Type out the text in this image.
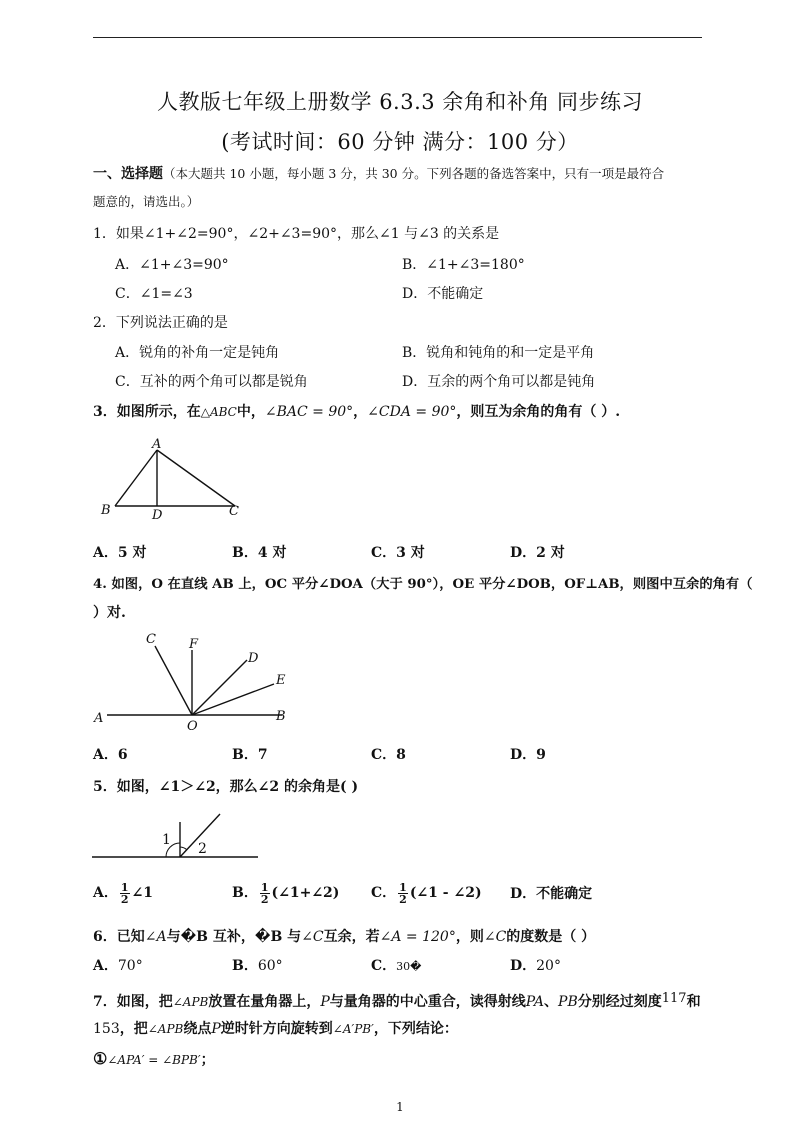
人教版七年级上册数学 6.3.3 余角和补角 同步练习
(考试时间：60 分钟 满分：100 分）
一、选择题（本大题共 10 小题，每小题 3 分，共 30 分。下列各题的备选答案中，只有一项是最符合
题意的，请选出。）
1．如果∠1+∠2=90°，∠2+∠3=90°，那么∠1 与∠3 的关系是
A．∠1+∠3=90°	B．∠1+∠3=180°
C．∠1=∠3	D．不能确定
2．下列说法正确的是
A．锐角的补角一定是钝角	B．锐角和钝角的和一定是平角
C．互补的两个角可以都是锐角	D．互余的两个角可以都是钝角
3．如图所示，在△ABC中，∠BAC = 90°，∠CDA = 90°，则互为余角的角有（ ）.
A
B	D	C
A．5 对	B．4 对	C．3 对	D．2 对
4. 如图，O 在直线 AB 上，OC 平分∠DOA（大于 90°），OE 平分∠DOB，OF⊥AB，则图中互余的角有（
）对.
A	B
C	F
D
E
O
A．6	B．7	C．8	D．9
5．如图，∠1＞∠2，那么∠2 的余角是( )
1
2
A． $\frac{1}{2}$ ∠1	B． $\frac{1}{2}$ (∠1+∠2) C． $\frac{1}{2}$ (∠1 - ∠2) D．不能确定
6．已知∠A与�B 互补，�B 与∠C互余，若∠A = 120°，则∠C的度数是（ ）
A．70°	B．60°	C．30�	D．20°
7．如图，把∠APB放置在量角器上，P与量角器的中心重合，读得射线PA、PB分别经过刻度117和
153，把∠APB绕点P逆时针方向旋转到∠A′PB′，下列结论：
①∠APA′ = ∠BPB′；
1
